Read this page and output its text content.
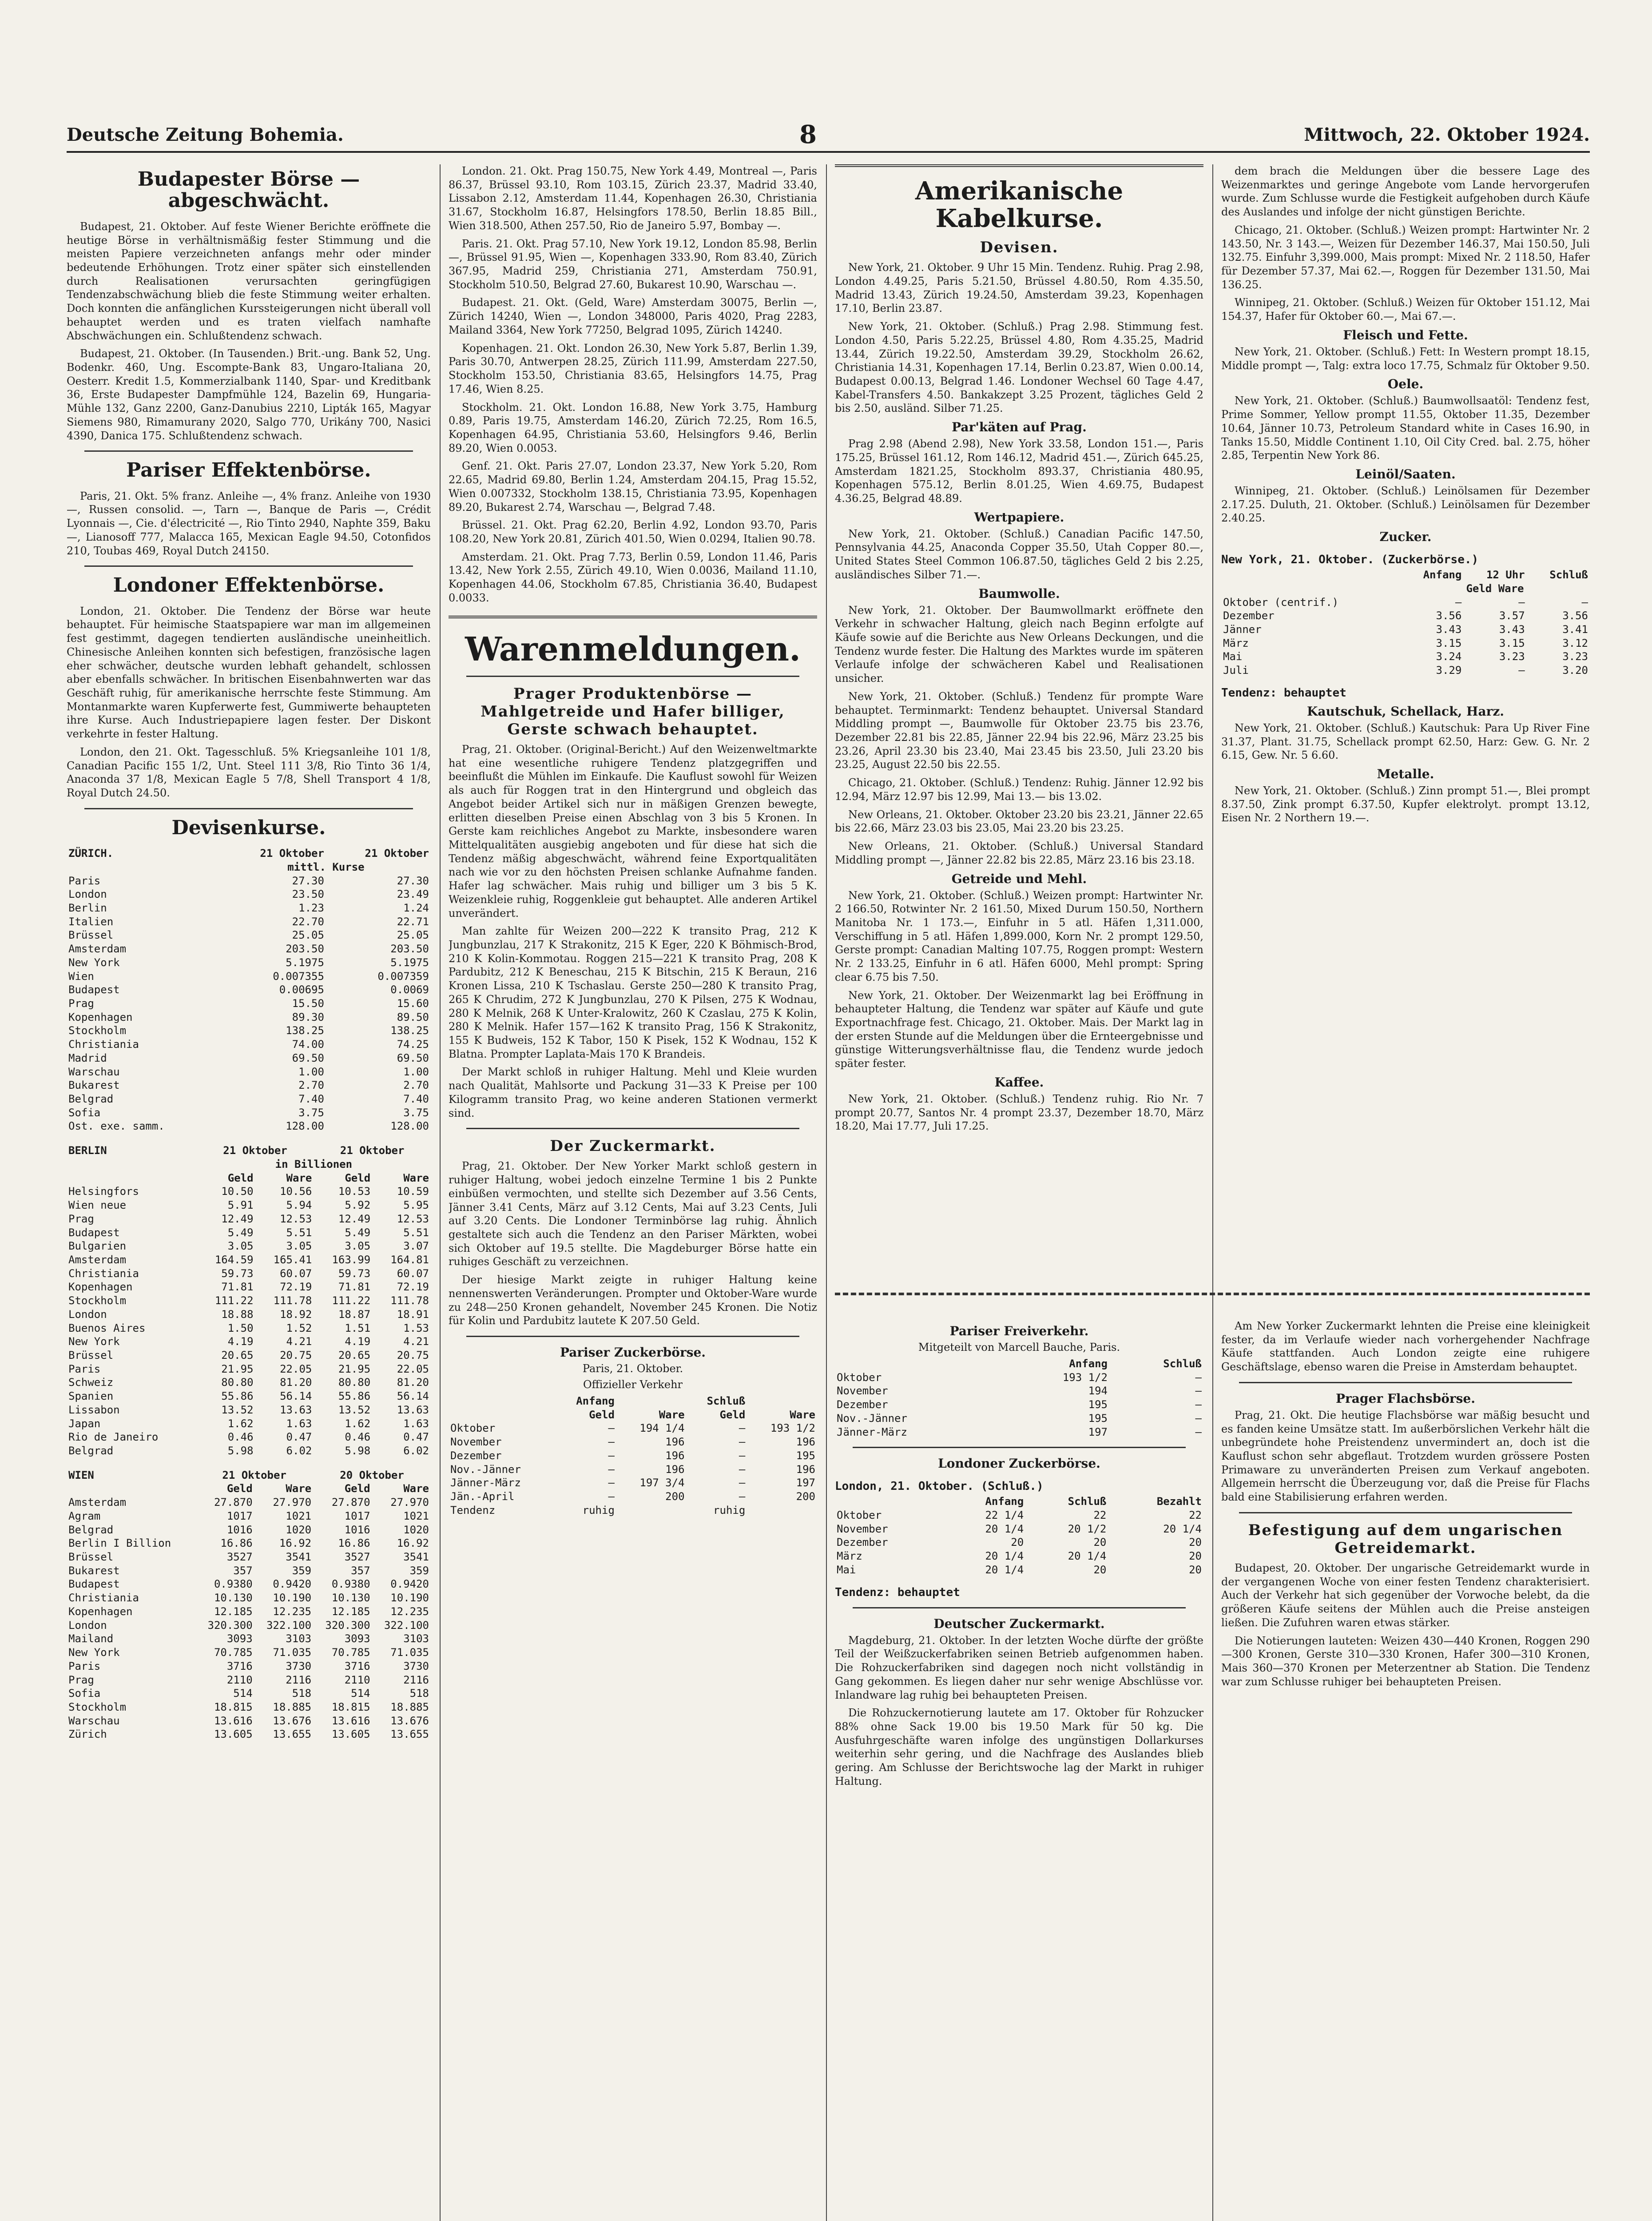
Deutsche Zeitung Bohemia.	8	Mittwoch, 22. Oktober 1924.
Budapester Börse — abgeschwächt.

Budapest, 21. Oktober. Auf feste Wiener Berichte eröffnete die heutige Börse in verhältnismäßig fester Stimmung und die meisten Papiere verzeichneten anfangs mehr oder minder bedeutende Erhöhungen. Trotz einer später sich einstellenden durch Realisationen verursachten geringfügigen Tendenzabschwächung blieb die feste Stimmung weiter erhalten. Doch konnten die anfänglichen Kurssteigerungen nicht überall voll behauptet werden und es traten vielfach namhafte Abschwächungen ein. Schlußtendenz schwach.

Budapest, 21. Oktober. (In Tausenden.) Brit.-ung. Bank 52, Ung. Bodenkr. 460, Ung. Escompte-Bank 83, Ungaro-Italiana 20, Oesterr. Kredit 1.5, Kommerzialbank 1140, Spar- und Kreditbank 36, Erste Budapester Dampfmühle 124, Bazelin 69, Hungaria-Mühle 132, Ganz 2200, Ganz-Danubius 2210, Lipták 165, Magyar Siemens 980, Rimamurany 2020, Salgo 770, Urikány 700, Nasici 4390, Danica 175. Schlußtendenz schwach.

Pariser Effektenbörse.

Paris, 21. Okt. 5% franz. Anleihe —, 4% franz. Anleihe von 1930 —, Russen consolid. —, Tarn —, Banque de Paris —, Crédit Lyonnais —, Cie. d'électricité —, Rio Tinto 2940, Naphte 359, Baku —, Lianosoff 777, Malacca 165, Mexican Eagle 94.50, Cotonfidos 210, Toubas 469, Royal Dutch 24150.

Londoner Effektenbörse.

London, 21. Oktober. Die Tendenz der Börse war heute behauptet. Für heimische Staatspapiere war man im allgemeinen fest gestimmt, dagegen tendierten ausländische uneinheitlich. Chinesische Anleihen konnten sich befestigen, französische lagen eher schwächer, deutsche wurden lebhaft gehandelt, schlossen aber ebenfalls schwächer. In britischen Eisenbahnwerten war das Geschäft ruhig, für amerikanische herrschte feste Stimmung. Am Montanmarkte waren Kupferwerte fest, Gummiwerte behaupteten ihre Kurse. Auch Industriepapiere lagen fester. Der Diskont verkehrte in fester Haltung.

London, den 21. Okt. Tagesschluß. 5% Kriegsanleihe 101 1/8, Canadian Pacific 155 1/2, Unt. Steel 111 3/8, Rio Tinto 36 1/4, Anaconda 37 1/8, Mexican Eagle 5 7/8, Shell Transport 4 1/8, Royal Dutch 24.50.

Devisenkurse.
ZÜRICH.	21 Oktober	21 Oktober
	mittl. Kurse	
Paris	27.30	27.30
London	23.50	23.49
Berlin	1.23	1.24
Italien	22.70	22.71
Brüssel	25.05	25.05
Amsterdam	203.50	203.50
New York	5.1975	5.1975
Wien	0.007355	0.007359
Budapest	0.00695	0.0069
Prag	15.50	15.60
Kopenhagen	89.30	89.50
Stockholm	138.25	138.25
Christiania	74.00	74.25
Madrid	69.50	69.50
Warschau	1.00	1.00
Bukarest	2.70	2.70
Belgrad	7.40	7.40
Sofia	3.75	3.75
Ost. exe. samm.	128.00	128.00
BERLIN	21 Oktober		21 Oktober	
	in Billionen			
	Geld	Ware	Geld	Ware
Helsingfors	10.50	10.56	10.53	10.59
Wien neue	5.91	5.94	5.92	5.95
Prag	12.49	12.53	12.49	12.53
Budapest	5.49	5.51	5.49	5.51
Bulgarien	3.05	3.05	3.05	3.07
Amsterdam	164.59	165.41	163.99	164.81
Christiania	59.73	60.07	59.73	60.07
Kopenhagen	71.81	72.19	71.81	72.19
Stockholm	111.22	111.78	111.22	111.78
London	18.88	18.92	18.87	18.91
Buenos Aires	1.50	1.52	1.51	1.53
New York	4.19	4.21	4.19	4.21
Brüssel	20.65	20.75	20.65	20.75
Paris	21.95	22.05	21.95	22.05
Schweiz	80.80	81.20	80.80	81.20
Spanien	55.86	56.14	55.86	56.14
Lissabon	13.52	13.63	13.52	13.63
Japan	1.62	1.63	1.62	1.63
Rio de Janeiro	0.46	0.47	0.46	0.47
Belgrad	5.98	6.02	5.98	6.02
WIEN	21 Oktober		20 Oktober	
	Geld	Ware	Geld	Ware
Amsterdam	27.870	27.970	27.870	27.970
Agram	1017	1021	1017	1021
Belgrad	1016	1020	1016	1020
Berlin I Billion	16.86	16.92	16.86	16.92
Brüssel	3527	3541	3527	3541
Bukarest	357	359	357	359
Budapest	0.9380	0.9420	0.9380	0.9420
Christiania	10.130	10.190	10.130	10.190
Kopenhagen	12.185	12.235	12.185	12.235
London	320.300	322.100	320.300	322.100
Mailand	3093	3103	3093	3103
New York	70.785	71.035	70.785	71.035
Paris	3716	3730	3716	3730
Prag	2110	2116	2110	2116
Sofia	514	518	514	518
Stockholm	18.815	18.885	18.815	18.885
Warschau	13.616	13.676	13.616	13.676
Zürich	13.605	13.655	13.605	13.655

London. 21. Okt. Prag 150.75, New York 4.49, Montreal —, Paris 86.37, Brüssel 93.10, Rom 103.15, Zürich 23.37, Madrid 33.40, Lissabon 2.12, Amsterdam 11.44, Kopenhagen 26.30, Christiania 31.67, Stockholm 16.87, Helsingfors 178.50, Berlin 18.85 Bill., Wien 318.500, Athen 257.50, Rio de Janeiro 5.97, Bombay —.

Paris. 21. Okt. Prag 57.10, New York 19.12, London 85.98, Berlin —, Brüssel 91.95, Wien —, Kopenhagen 333.90, Rom 83.40, Zürich 367.95, Madrid 259, Christiania 271, Amsterdam 750.91, Stockholm 510.50, Belgrad 27.60, Bukarest 10.90, Warschau —.

Budapest. 21. Okt. (Geld, Ware) Amsterdam 30075, Berlin —, Zürich 14240, Wien —, London 348000, Paris 4020, Prag 2283, Mailand 3364, New York 77250, Belgrad 1095, Zürich 14240.

Kopenhagen. 21. Okt. London 26.30, New York 5.87, Berlin 1.39, Paris 30.70, Antwerpen 28.25, Zürich 111.99, Amsterdam 227.50, Stockholm 153.50, Christiania 83.65, Helsingfors 14.75, Prag 17.46, Wien 8.25.

Stockholm. 21. Okt. London 16.88, New York 3.75, Hamburg 0.89, Paris 19.75, Amsterdam 146.20, Zürich 72.25, Rom 16.5, Kopenhagen 64.95, Christiania 53.60, Helsingfors 9.46, Berlin 89.20, Wien 0.0053.

Genf. 21. Okt. Paris 27.07, London 23.37, New York 5.20, Rom 22.65, Madrid 69.80, Berlin 1.24, Amsterdam 204.15, Prag 15.52, Wien 0.007332, Stockholm 138.15, Christiania 73.95, Kopenhagen 89.20, Bukarest 2.74, Warschau —, Belgrad 7.48.

Brüssel. 21. Okt. Prag 62.20, Berlin 4.92, London 93.70, Paris 108.20, New York 20.81, Zürich 401.50, Wien 0.0294, Italien 90.78.

Amsterdam. 21. Okt. Prag 7.73, Berlin 0.59, London 11.46, Paris 13.42, New York 2.55, Zürich 49.10, Wien 0.0036, Mailand 11.10, Kopenhagen 44.06, Stockholm 67.85, Christiania 36.40, Budapest 0.0033.

Warenmeldungen.
Prager Produktenbörse — Mahlgetreide und Hafer billiger, Gerste schwach behauptet.

Prag, 21. Oktober. (Original-Bericht.) Auf den Weizenweltmarkte hat eine wesentliche ruhigere Tendenz platzgegriffen und beeinflußt die Mühlen im Einkaufe. Die Kauflust sowohl für Weizen als auch für Roggen trat in den Hintergrund und obgleich das Angebot beider Artikel sich nur in mäßigen Grenzen bewegte, erlitten dieselben Preise einen Abschlag von 3 bis 5 Kronen. In Gerste kam reichliches Angebot zu Markte, insbesondere waren Mittelqualitäten ausgiebig angeboten und für diese hat sich die Tendenz mäßig abgeschwächt, während feine Exportqualitäten nach wie vor zu den höchsten Preisen schlanke Aufnahme fanden. Hafer lag schwächer. Mais ruhig und billiger um 3 bis 5 K. Weizenkleie ruhig, Roggenkleie gut behauptet. Alle anderen Artikel unverändert.

Man zahlte für Weizen 200—222 K transito Prag, 212 K Jungbunzlau, 217 K Strakonitz, 215 K Eger, 220 K Böhmisch-Brod, 210 K Kolin-Kommotau. Roggen 215—221 K transito Prag, 208 K Pardubitz, 212 K Beneschau, 215 K Bitschin, 215 K Beraun, 216 Kronen Lissa, 210 K Tschaslau. Gerste 250—280 K transito Prag, 265 K Chrudim, 272 K Jungbunzlau, 270 K Pilsen, 275 K Wodnau, 280 K Melnik, 268 K Unter-Kralowitz, 260 K Czaslau, 275 K Kolin, 280 K Melnik. Hafer 157—162 K transito Prag, 156 K Strakonitz, 155 K Budweis, 152 K Tabor, 150 K Pisek, 152 K Wodnau, 152 K Blatna. Prompter Laplata-Mais 170 K Brandeis.

Der Markt schloß in ruhiger Haltung. Mehl und Kleie wurden nach Qualität, Mahlsorte und Packung 31—33 K Preise per 100 Kilogramm transito Prag, wo keine anderen Stationen vermerkt sind.

Der Zuckermarkt.

Prag, 21. Oktober. Der New Yorker Markt schloß gestern in ruhiger Haltung, wobei jedoch einzelne Termine 1 bis 2 Punkte einbüßen vermochten, und stellte sich Dezember auf 3.56 Cents, Jänner 3.41 Cents, März auf 3.12 Cents, Mai auf 3.23 Cents, Juli auf 3.20 Cents. Die Londoner Terminbörse lag ruhig. Ähnlich gestaltete sich auch die Tendenz an den Pariser Märkten, wobei sich Oktober auf 19.5 stellte. Die Magdeburger Börse hatte ein ruhiges Geschäft zu verzeichnen.

Der hiesige Markt zeigte in ruhiger Haltung keine nennenswerten Veränderungen. Prompter und Oktober-Ware wurde zu 248—250 Kronen gehandelt, November 245 Kronen. Die Notiz für Kolin und Pardubitz lautete K 207.50 Geld.

Pariser Zuckerbörse.
Paris, 21. Oktober.
Offizieller Verkehr
	Anfang		Schluß	
	Geld	Ware	Geld	Ware
Oktober	—	194 1/4	—	193 1/2
November	—	196	—	196
Dezember	—	196	—	195
Nov.-Jänner	—	196	—	196
Jänner-März	—	197 3/4	—	197
Jän.-April	—	200	—	200
Tendenz	ruhig		ruhig	
Amerikanische Kabelkurse.
Devisen.

New York, 21. Oktober. 9 Uhr 15 Min. Tendenz. Ruhig. Prag 2.98, London 4.49.25, Paris 5.21.50, Brüssel 4.80.50, Rom 4.35.50, Madrid 13.43, Zürich 19.24.50, Amsterdam 39.23, Kopenhagen 17.10, Berlin 23.87.

New York, 21. Oktober. (Schluß.) Prag 2.98. Stimmung fest. London 4.50, Paris 5.22.25, Brüssel 4.80, Rom 4.35.25, Madrid 13.44, Zürich 19.22.50, Amsterdam 39.29, Stockholm 26.62, Christiania 14.31, Kopenhagen 17.14, Berlin 0.23.87, Wien 0.00.14, Budapest 0.00.13, Belgrad 1.46. Londoner Wechsel 60 Tage 4.47, Kabel-Transfers 4.50. Bankakzept 3.25 Prozent, tägliches Geld 2 bis 2.50, ausländ. Silber 71.25.

Par'käten auf Prag.

Prag 2.98 (Abend 2.98), New York 33.58, London 151.—, Paris 175.25, Brüssel 161.12, Rom 146.12, Madrid 451.—, Zürich 645.25, Amsterdam 1821.25, Stockholm 893.37, Christiania 480.95, Kopenhagen 575.12, Berlin 8.01.25, Wien 4.69.75, Budapest 4.36.25, Belgrad 48.89.

Wertpapiere.

New York, 21. Oktober. (Schluß.) Canadian Pacific 147.50, Pennsylvania 44.25, Anaconda Copper 35.50, Utah Copper 80.—, United States Steel Common 106.87.50, tägliches Geld 2 bis 2.25, ausländisches Silber 71.—.

Baumwolle.

New York, 21. Oktober. Der Baumwollmarkt eröffnete den Verkehr in schwacher Haltung, gleich nach Beginn erfolgte auf Käufe sowie auf die Berichte aus New Orleans Deckungen, und die Tendenz wurde fester. Die Haltung des Marktes wurde im späteren Verlaufe infolge der schwächeren Kabel und Realisationen unsicher.

New York, 21. Oktober. (Schluß.) Tendenz für prompte Ware behauptet. Terminmarkt: Tendenz behauptet. Universal Standard Middling prompt —, Baumwolle für Oktober 23.75 bis 23.76, Dezember 22.81 bis 22.85, Jänner 22.94 bis 22.96, März 23.25 bis 23.26, April 23.30 bis 23.40, Mai 23.45 bis 23.50, Juli 23.20 bis 23.25, August 22.50 bis 22.55.

Chicago, 21. Oktober. (Schluß.) Tendenz: Ruhig. Jänner 12.92 bis 12.94, März 12.97 bis 12.99, Mai 13.— bis 13.02.

New Orleans, 21. Oktober. Oktober 23.20 bis 23.21, Jänner 22.65 bis 22.66, März 23.03 bis 23.05, Mai 23.20 bis 23.25.

New Orleans, 21. Oktober. (Schluß.) Universal Standard Middling prompt —, Jänner 22.82 bis 22.85, März 23.16 bis 23.18.

Getreide und Mehl.

New York, 21. Oktober. (Schluß.) Weizen prompt: Hartwinter Nr. 2 166.50, Rotwinter Nr. 2 161.50, Mixed Durum 150.50, Northern Manitoba Nr. 1 173.—, Einfuhr in 5 atl. Häfen 1,311.000, Verschiffung in 5 atl. Häfen 1,899.000, Korn Nr. 2 prompt 129.50, Gerste prompt: Canadian Malting 107.75, Roggen prompt: Western Nr. 2 133.25, Einfuhr in 6 atl. Häfen 6000, Mehl prompt: Spring clear 6.75 bis 7.50.

New York, 21. Oktober. Der Weizenmarkt lag bei Eröffnung in behaupteter Haltung, die Tendenz war später auf Käufe und gute Exportnachfrage fest. Chicago, 21. Oktober. Mais. Der Markt lag in der ersten Stunde auf die Meldungen über die Ernteergebnisse und günstige Witterungsverhältnisse flau, die Tendenz wurde jedoch später fester.

Kaffee.

New York, 21. Oktober. (Schluß.) Tendenz ruhig. Rio Nr. 7 prompt 20.77, Santos Nr. 4 prompt 23.37, Dezember 18.70, März 18.20, Mai 17.77, Juli 17.25.

dem brach die Meldungen über die bessere Lage des Weizenmarktes und geringe Angebote vom Lande hervorgerufen wurde. Zum Schlusse wurde die Festigkeit aufgehoben durch Käufe des Auslandes und infolge der nicht günstigen Berichte.

Chicago, 21. Oktober. (Schluß.) Weizen prompt: Hartwinter Nr. 2 143.50, Nr. 3 143.—, Weizen für Dezember 146.37, Mai 150.50, Juli 132.75. Einfuhr 3,399.000, Mais prompt: Mixed Nr. 2 118.50, Hafer für Dezember 57.37, Mai 62.—, Roggen für Dezember 131.50, Mai 136.25.

Winnipeg, 21. Oktober. (Schluß.) Weizen für Oktober 151.12, Mai 154.37, Hafer für Oktober 60.—, Mai 67.—.

Fleisch und Fette.

New York, 21. Oktober. (Schluß.) Fett: In Western prompt 18.15, Middle prompt —, Talg: extra loco 17.75, Schmalz für Oktober 9.50.

Oele.

New York, 21. Oktober. (Schluß.) Baumwollsaatöl: Tendenz fest, Prime Sommer, Yellow prompt 11.55, Oktober 11.35, Dezember 10.64, Jänner 10.73, Petroleum Standard white in Cases 16.90, in Tanks 15.50, Middle Continent 1.10, Oil City Cred. bal. 2.75, höher 2.85, Terpentin New York 86.

Leinöl/Saaten.

Winnipeg, 21. Oktober. (Schluß.) Leinölsamen für Dezember 2.17.25. Duluth, 21. Oktober. (Schluß.) Leinölsamen für Dezember 2.40.25.

Zucker.
New York, 21. Oktober. (Zuckerbörse.)
	Anfang	12 Uhr	Schluß
	Geld Ware		
Oktober (centrif.)	—	—	—
Dezember	3.56	3.57	3.56
Jänner	3.43	3.43	3.41
März	3.15	3.15	3.12
Mai	3.24	3.23	3.23
Juli	3.29	—	3.20
Tendenz: behauptet
Kautschuk, Schellack, Harz.

New York, 21. Oktober. (Schluß.) Kautschuk: Para Up River Fine 31.37, Plant. 31.75, Schellack prompt 62.50, Harz: Gew. G. Nr. 2 6.15, Gew. Nr. 5 6.60.

Metalle.

New York, 21. Oktober. (Schluß.) Zinn prompt 51.—, Blei prompt 8.37.50, Zink prompt 6.37.50, Kupfer elektrolyt. prompt 13.12, Eisen Nr. 2 Northern 19.—.

Pariser Freiverkehr.
Mitgeteilt von Marcell Bauche, Paris.
	Anfang	Schluß
Oktober	193 1/2	—
November	194	—
Dezember	195	—
Nov.-Jänner	195	—
Jänner-März	197	—
Londoner Zuckerbörse.
London, 21. Oktober. (Schluß.)
	Anfang	Schluß	Bezahlt
Oktober	22 1/4	22	22
November	20 1/4	20 1/2	20 1/4
Dezember	20	20	20
März	20 1/4	20 1/4	20
Mai	20 1/4	20	20
Tendenz: behauptet
Deutscher Zuckermarkt.

Magdeburg, 21. Oktober. In der letzten Woche dürfte der größte Teil der Weißzuckerfabriken seinen Betrieb aufgenommen haben. Die Rohzuckerfabriken sind dagegen noch nicht vollständig in Gang gekommen. Es liegen daher nur sehr wenige Abschlüsse vor. Inlandware lag ruhig bei behaupteten Preisen.

Die Rohzuckernotierung lautete am 17. Oktober für Rohzucker 88% ohne Sack 19.00 bis 19.50 Mark für 50 kg. Die Ausfuhrgeschäfte waren infolge des ungünstigen Dollarkurses weiterhin sehr gering, und die Nachfrage des Auslandes blieb gering. Am Schlusse der Berichtswoche lag der Markt in ruhiger Haltung.

Am New Yorker Zuckermarkt lehnten die Preise eine kleinigkeit fester, da im Verlaufe wieder nach vorhergehender Nachfrage Käufe stattfanden. Auch London zeigte eine ruhigere Geschäftslage, ebenso waren die Preise in Amsterdam behauptet.

Prager Flachsbörse.

Prag, 21. Okt. Die heutige Flachsbörse war mäßig besucht und es fanden keine Umsätze statt. Im außerbörslichen Verkehr hält die unbegründete hohe Preistendenz unvermindert an, doch ist die Kauflust schon sehr abgeflaut. Trotzdem wurden grössere Posten Primaware zu unveränderten Preisen zum Verkauf angeboten. Allgemein herrscht die Überzeugung vor, daß die Preise für Flachs bald eine Stabilisierung erfahren werden.

Befestigung auf dem ungarischen Getreidemarkt.

Budapest, 20. Oktober. Der ungarische Getreidemarkt wurde in der vergangenen Woche von einer festen Tendenz charakterisiert. Auch der Verkehr hat sich gegenüber der Vorwoche belebt, da die größeren Käufe seitens der Mühlen auch die Preise ansteigen ließen. Die Zufuhren waren etwas stärker.

Die Notierungen lauteten: Weizen 430—440 Kronen, Roggen 290—300 Kronen, Gerste 310—330 Kronen, Hafer 300—310 Kronen, Mais 360—370 Kronen per Meterzentner ab Station. Die Tendenz war zum Schlusse ruhiger bei behaupteten Preisen.
